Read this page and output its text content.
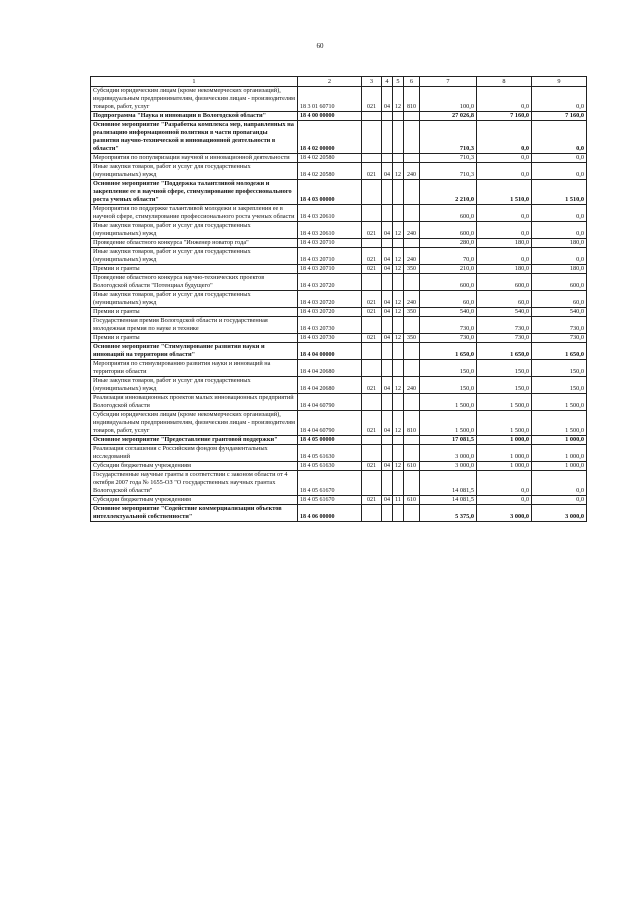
60
1	2	3	4	5	6	7	8	9
Субсидии юридическим лицам (кроме некоммерческих организаций), индивидуальным предпринимателям, физическим лицам - производителям товаров, работ, услуг	18 3 01 60710	021	04	12	810	100,0	0,0	0,0
Подпрограмма "Наука и инновации в Вологодской области"	18 4 00 00000					27 026,8	7 160,0	7 160,0
Основное мероприятие "Разработка комплекса мер, направленных на реализацию информационной политики в части пропаганды развития научно-технической и инновационной деятельности в области"	18 4 02 00000					710,3	0,0	0,0
Мероприятия по популяризации научной и инновационной деятельности	18 4 02 20580					710,3	0,0	0,0
Иные закупки товаров, работ и услуг для государственных (муниципальных) нужд	18 4 02 20580	021	04	12	240	710,3	0,0	0,0
Основное мероприятие "Поддержка талантливой молодежи и закрепление ее в научной сфере, стимулирование профессионального роста ученых области"	18 4 03 00000					2 210,0	1 510,0	1 510,0
Мероприятия по поддержке талантливой молодежи и закрепления ее в научной сфере, стимулирование профессионального роста ученых области	18 4 03 20610					600,0	0,0	0,0
Иные закупки товаров, работ и услуг для государственных (муниципальных) нужд	18 4 03 20610	021	04	12	240	600,0	0,0	0,0
Проведение областного конкурса "Инженер новатор года"	18 4 03 20710					280,0	180,0	180,0
Иные закупки товаров, работ и услуг для государственных (муниципальных) нужд	18 4 03 20710	021	04	12	240	70,0	0,0	0,0
Премии и гранты	18 4 03 20710	021	04	12	350	210,0	180,0	180,0
Проведение областного конкурса научно-технических проектов Вологодской области "Потенциал будущего"	18 4 03 20720					600,0	600,0	600,0
Иные закупки товаров, работ и услуг для государственных (муниципальных) нужд	18 4 03 20720	021	04	12	240	60,0	60,0	60,0
Премии и гранты	18 4 03 20720	021	04	12	350	540,0	540,0	540,0
Государственная премия Вологодской области и государственная молодежная премия по науке и технике	18 4 03 20730					730,0	730,0	730,0
Премии и гранты	18 4 03 20730	021	04	12	350	730,0	730,0	730,0
Основное мероприятие "Стимулирование развития науки и инноваций на территории области"	18 4 04 00000					1 650,0	1 650,0	1 650,0
Мероприятия по стимулированию развития науки и инноваций на территории области	18 4 04 20680					150,0	150,0	150,0
Иные закупки товаров, работ и услуг для государственных (муниципальных) нужд	18 4 04 20680	021	04	12	240	150,0	150,0	150,0
Реализация инновационных проектов малых инновационных предприятий Вологодской области	18 4 04 60790					1 500,0	1 500,0	1 500,0
Субсидии юридическим лицам (кроме некоммерческих организаций), индивидуальным предпринимателям, физическим лицам - производителям товаров, работ, услуг	18 4 04 60790	021	04	12	810	1 500,0	1 500,0	1 500,0
Основное мероприятие "Предоставление грантовой поддержки"	18 4 05 00000					17 081,5	1 000,0	1 000,0
Реализация соглашения с Российским фондом фундаментальных исследований	18 4 05 61630					3 000,0	1 000,0	1 000,0
Субсидии бюджетным учреждениям	18 4 05 61630	021	04	12	610	3 000,0	1 000,0	1 000,0
Государственные научные гранты в соответствии с законом области от 4 октября 2007 года № 1655-ОЗ "О государственных научных грантах Вологодской области"	18 4 05 61670					14 081,5	0,0	0,0
Субсидии бюджетным учреждениям	18 4 05 61670	021	04	11	610	14 081,5	0,0	0,0
Основное мероприятие "Содействие коммерциализации объектов интеллектуальной собственности"	18 4 06 00000					5 375,0	3 000,0	3 000,0
